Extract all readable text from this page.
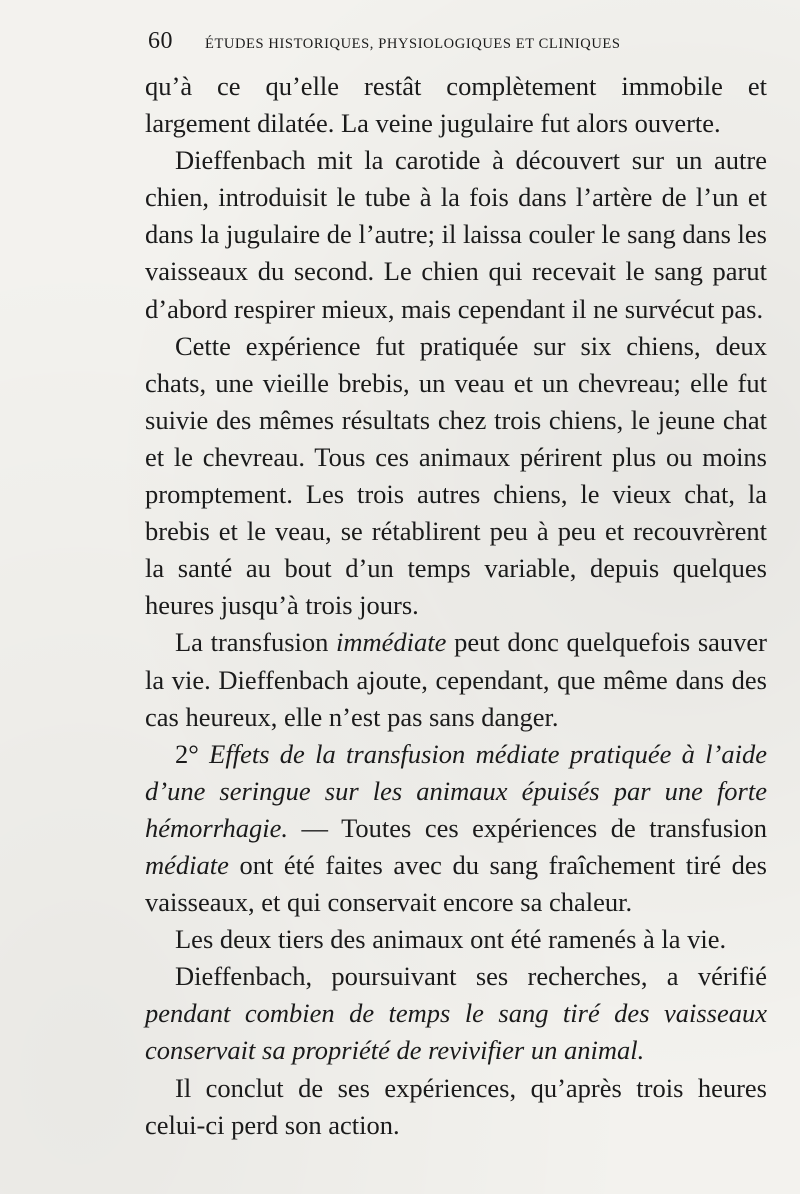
60 ÉTUDES HISTORIQUES, PHYSIOLOGIQUES ET CLINIQUES

qu’à ce qu’elle restât complètement immobile et largement dilatée. La veine jugulaire fut alors ouverte.

Dieffenbach mit la carotide à découvert sur un autre chien, introduisit le tube à la fois dans l’artère de l’un et dans la jugulaire de l’autre; il laissa couler le sang dans les vaisseaux du second. Le chien qui recevait le sang parut d’abord respirer mieux, mais cependant il ne survécut pas.

Cette expérience fut pratiquée sur six chiens, deux chats, une vieille brebis, un veau et un chevreau; elle fut suivie des mêmes résultats chez trois chiens, le jeune chat et le chevreau. Tous ces animaux périrent plus ou moins promptement. Les trois autres chiens, le vieux chat, la brebis et le veau, se rétablirent peu à peu et recouvrèrent la santé au bout d’un temps variable, depuis quelques heures jusqu’à trois jours.

La transfusion immédiate peut donc quelquefois sauver la vie. Dieffenbach ajoute, cependant, que même dans des cas heureux, elle n’est pas sans danger.

2° Effets de la transfusion médiate pratiquée à l’aide d’une seringue sur les animaux épuisés par une forte hémorrhagie. — Toutes ces expériences de transfusion médiate ont été faites avec du sang fraîchement tiré des vaisseaux, et qui conservait encore sa chaleur.

Les deux tiers des animaux ont été ramenés à la vie.

Dieffenbach, poursuivant ses recherches, a vérifié pendant combien de temps le sang tiré des vaisseaux conservait sa propriété de revivifier un animal.

Il conclut de ses expériences, qu’après trois heures celui-ci perd son action.
